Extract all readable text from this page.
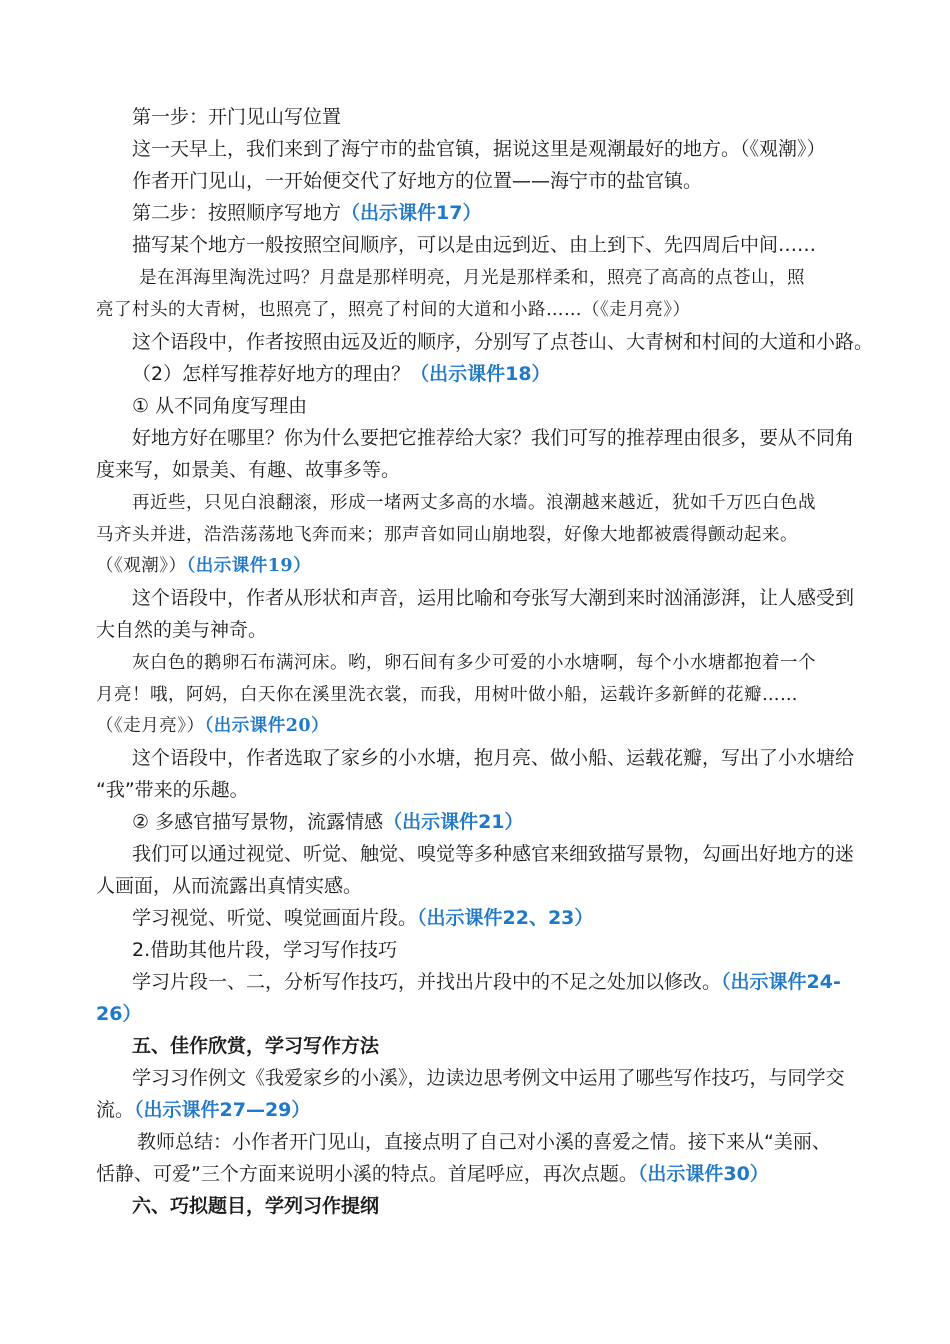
第一步：开门见山写位置
这一天早上，我们来到了海宁市的盐官镇，据说这里是观潮最好的地方。（《观潮》）
作者开门见山，一开始便交代了好地方的位置——海宁市的盐官镇。
第二步：按照顺序写地方（出示课件17）
描写某个地方一般按照空间顺序，可以是由远到近、由上到下、先四周后中间……
是在洱海里淘洗过吗？月盘是那样明亮，月光是那样柔和，照亮了高高的点苍山，照
亮了村头的大青树，也照亮了，照亮了村间的大道和小路……（《走月亮》）
这个语段中，作者按照由远及近的顺序，分别写了点苍山、大青树和村间的大道和小路。
（2）怎样写推荐好地方的理由？（出示课件18）
① 从不同角度写理由
好地方好在哪里？你为什么要把它推荐给大家？我们可写的推荐理由很多，要从不同角
度来写，如景美、有趣、故事多等。
再近些，只见白浪翻滚，形成一堵两丈多高的水墙。浪潮越来越近，犹如千万匹白色战
马齐头并进，浩浩荡荡地飞奔而来；那声音如同山崩地裂，好像大地都被震得颤动起来。
（《观潮》）（出示课件19）
这个语段中，作者从形状和声音，运用比喻和夸张写大潮到来时汹涌澎湃，让人感受到
大自然的美与神奇。
灰白色的鹅卵石布满河床。哟，卵石间有多少可爱的小水塘啊，每个小水塘都抱着一个
月亮！哦，阿妈，白天你在溪里洗衣裳，而我，用树叶做小船，运载许多新鲜的花瓣……
（《走月亮》）（出示课件20）
这个语段中，作者选取了家乡的小水塘，抱月亮、做小船、运载花瓣，写出了小水塘给
“我”带来的乐趣。
② 多感官描写景物，流露情感（出示课件21）
我们可以通过视觉、听觉、触觉、嗅觉等多种感官来细致描写景物，勾画出好地方的迷
人画面，从而流露出真情实感。
学习视觉、听觉、嗅觉画面片段。（出示课件22、23）
2.借助其他片段，学习写作技巧
学习片段一、二，分析写作技巧，并找出片段中的不足之处加以修改。（出示课件24-
26）
五、佳作欣赏，学习写作方法
学习习作例文《我爱家乡的小溪》，边读边思考例文中运用了哪些写作技巧，与同学交
流。（出示课件27—29）
教师总结：小作者开门见山，直接点明了自己对小溪的喜爱之情。接下来从“美丽、
恬静、可爱”三个方面来说明小溪的特点。首尾呼应，再次点题。（出示课件30）
六、巧拟题目，学列习作提纲
